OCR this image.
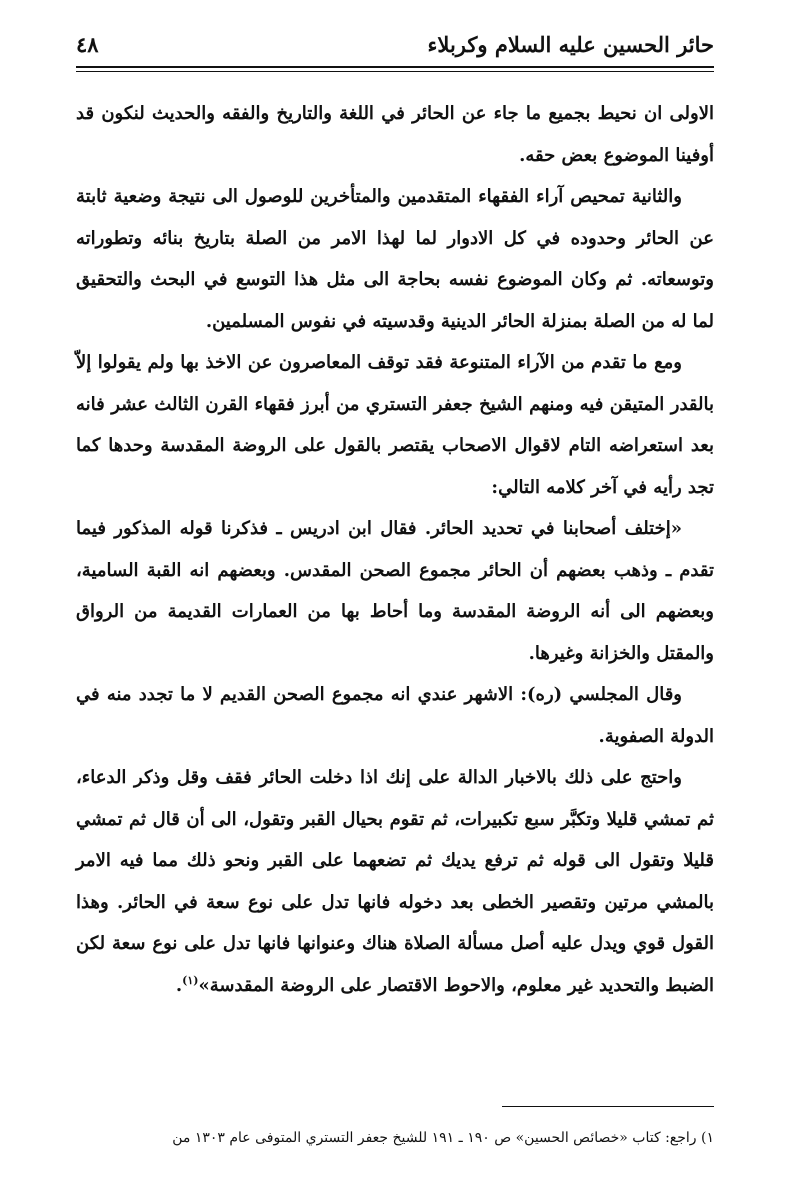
حائر الحسين عليه السلام وكربلاء
٤٨

الاولى ان نحيط بجميع ما جاء عن الحائر في اللغة والتاريخ والفقه والحديث لنكون قد أوفينا الموضوع بعض حقه.

والثانية تمحيص آراء الفقهاء المتقدمين والمتأخرين للوصول الى نتيجة وضعية ثابتة عن الحائر وحدوده في كل الادوار لما لهذا الامر من الصلة بتاريخ بنائه وتطوراته وتوسعاته. ثم وكان الموضوع نفسه بحاجة الى مثل هذا التوسع في البحث والتحقيق لما له من الصلة بمنزلة الحائر الدينية وقدسيته في نفوس المسلمين.

ومع ما تقدم من الآراء المتنوعة فقد توقف المعاصرون عن الاخذ بها ولم يقولوا إلاّ بالقدر المتيقن فيه ومنهم الشيخ جعفر التستري من أبرز فقهاء القرن الثالث عشر فانه بعد استعراضه التام لاقوال الاصحاب يقتصر بالقول على الروضة المقدسة وحدها كما تجد رأيه في آخر كلامه التالي:

«إختلف أصحابنا في تحديد الحائر. فقال ابن ادريس ـ فذكرنا قوله المذكور فيما تقدم ـ وذهب بعضهم أن الحائر مجموع الصحن المقدس. وبعضهم انه القبة السامية، وبعضهم الى أنه الروضة المقدسة وما أحاط بها من العمارات القديمة من الرواق والمقتل والخزانة وغيرها.

وقال المجلسي (ره): الاشهر عندي انه مجموع الصحن القديم لا ما تجدد منه في الدولة الصفوية.

واحتج على ذلك بالاخبار الدالة على إنك اذا دخلت الحائر فقف وقل وذكر الدعاء، ثم تمشي قليلا وتكبَّر سبع تكبيرات، ثم تقوم بحيال القبر وتقول، الى أن قال ثم تمشي قليلا وتقول الى قوله ثم ترفع يديك ثم تضعهما على القبر ونحو ذلك مما فيه الامر بالمشي مرتين وتقصير الخطى بعد دخوله فانها تدل على نوع سعة في الحائر. وهذا القول قوي ويدل عليه أصل مسألة الصلاة هناك وعنوانها فانها تدل على نوع سعة لكن الضبط والتحديد غير معلوم، والاحوط الاقتصار على الروضة المقدسة»$^{(١)}$.

١) راجع: كتاب «خصائص الحسين» ص ١٩٠ ـ ١٩١ للشيخ جعفر التستري المتوفى عام ١٣٠٣ من
